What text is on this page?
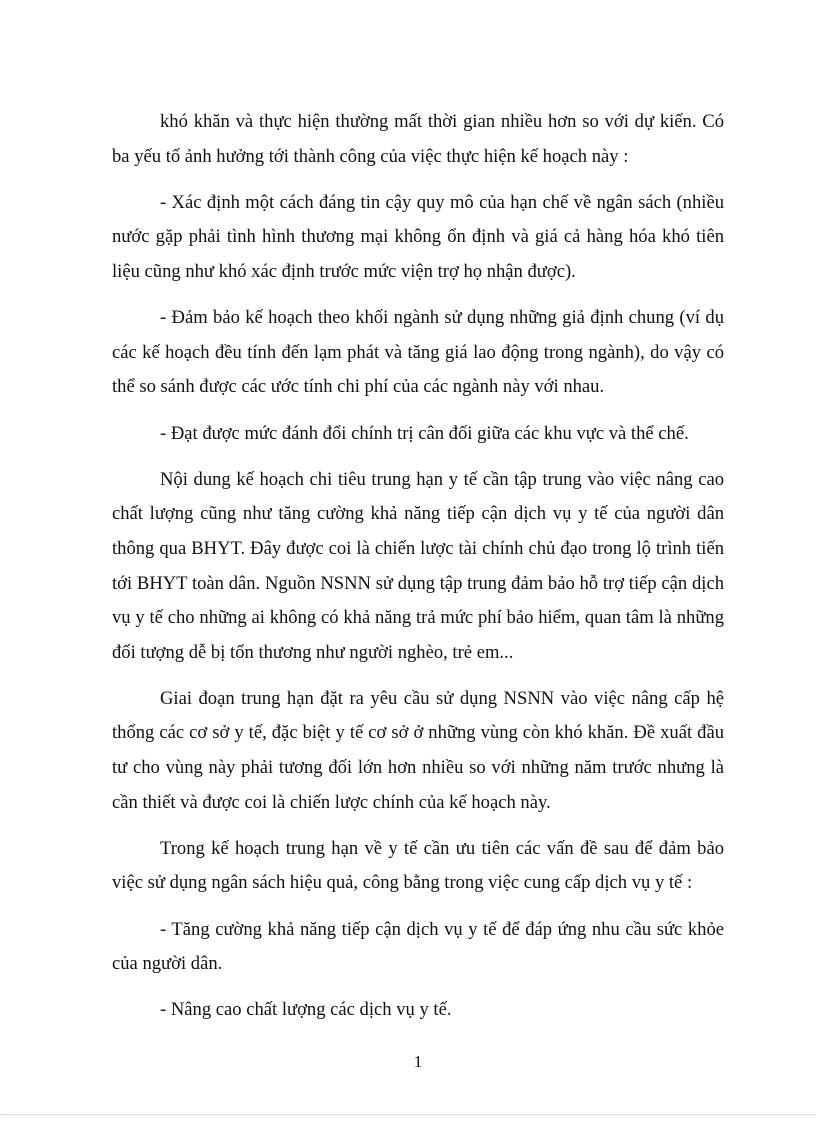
khó khăn và thực hiện thường mất thời gian nhiều hơn so với dự kiến. Có ba yếu tố ảnh hưởng tới thành công của việc thực hiện kế hoạch này :

- Xác định một cách đáng tin cậy quy mô của hạn chế về ngân sách (nhiều nước gặp phải tình hình thương mại không ổn định và giá cả hàng hóa khó tiên liệu cũng như khó xác định trước mức viện trợ họ nhận được).

- Đảm bảo kế hoạch theo khối ngành sử dụng những giả định chung (ví dụ các kế hoạch đều tính đến lạm phát và tăng giá lao động trong ngành), do vậy có thể so sánh được các ước tính chi phí của các ngành này với nhau.

- Đạt được mức đánh đổi chính trị cân đối giữa các khu vực và thể chế.

Nội dung kế hoạch chi tiêu trung hạn y tế cần tập trung vào việc nâng cao chất lượng cũng như tăng cường khả năng tiếp cận dịch vụ y tế của người dân thông qua BHYT. Đây được coi là chiến lược tài chính chủ đạo trong lộ trình tiến tới BHYT toàn dân. Nguồn NSNN sử dụng tập trung đảm bảo hỗ trợ tiếp cận dịch vụ y tế cho những ai không có khả năng trả mức phí bảo hiểm, quan tâm là những đối tượng dễ bị tổn thương như người nghèo, trẻ em...

Giai đoạn trung hạn đặt ra yêu cầu sử dụng NSNN vào việc nâng cấp hệ thống các cơ sở y tế, đặc biệt y tế cơ sở ở những vùng còn khó khăn. Đề xuất đầu tư cho vùng này phải tương đối lớn hơn nhiều so với những năm trước nhưng là cần thiết và được coi là chiến lược chính của kế hoạch này.

Trong kế hoạch trung hạn về y tế cần ưu tiên các vấn đề sau để đảm bảo việc sử dụng ngân sách hiệu quả, công bằng trong việc cung cấp dịch vụ y tế :

- Tăng cường khả năng tiếp cận dịch vụ y tế để đáp ứng nhu cầu sức khỏe của người dân.

- Nâng cao chất lượng các dịch vụ y tế.

1
